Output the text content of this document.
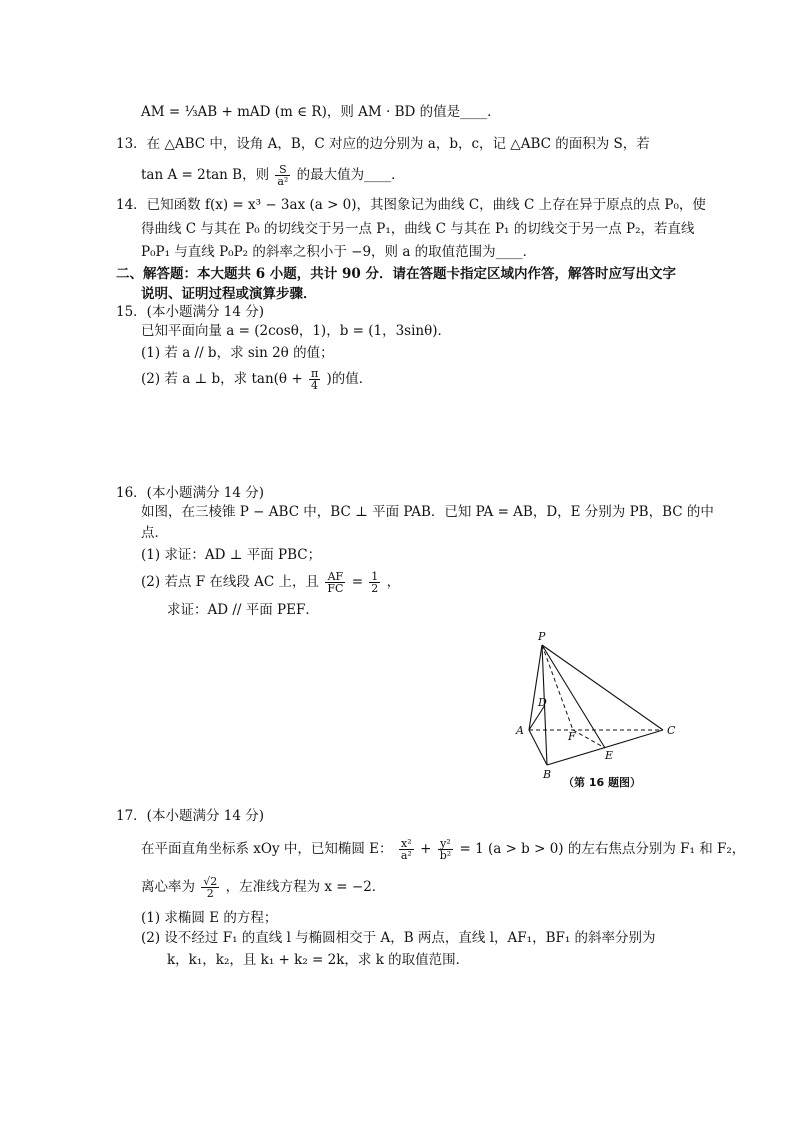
AM = ⅓AB + mAD (m ∈ R)，则 AM · BD 的值是____．
13．在 △ABC 中，设角 A，B，C 对应的边分别为 a，b，c，记 △ABC 的面积为 S，若
tan A = 2tan B，则 $\frac{S}{\text{a²}}$ 的最大值为____．
14．已知函数 f(x) = x³ − 3ax (a > 0)，其图象记为曲线 C，曲线 C 上存在异于原点的点 P₀，使
得曲线 C 与其在 P₀ 的切线交于另一点 P₁，曲线 C 与其在 P₁ 的切线交于另一点 P₂，若直线
P₀P₁ 与直线 P₀P₂ 的斜率之积小于 −9，则 a 的取值范围为____．
二、解答题：本大题共 6 小题，共计 90 分．请在答题卡指定区域内作答，解答时应写出文字
说明、证明过程或演算步骤．
15．(本小题满分 14 分)
已知平面向量 a = (2cosθ，1)，b = (1，3sinθ)．
(1) 若 a // b，求 sin 2θ 的值；
(2) 若 a ⊥ b，求 $\tan(\theta + \frac{\pi}{4}$ )的值．
16．(本小题满分 14 分)
如图，在三棱锥 P − ABC 中，BC ⊥ 平面 PAB．已知 PA = AB，D，E 分别为 PB，BC 的中
点．
(1) 求证：AD ⊥ 平面 PBC；
(2) 若点 F 在线段 AC 上，且 $\frac{AF}{FC} = \frac{1}{2}$ ，
求证：AD // 平面 PEF．
P
A
B
C
D
E
F
（第 16 题图）
17．(本小题满分 14 分)
在平面直角坐标系 xOy 中，已知椭圆 E： $\frac{\text{x²}}{\text{a²}} + \frac{\text{y²}}{\text{b²}} = 1$ (a > b > 0) 的左右焦点分别为 F₁ 和 F₂，
离心率为 $\frac{√2}{2}$ ，左准线方程为 x = −2．
(1) 求椭圆 E 的方程；
(2) 设不经过 F₁ 的直线 l 与椭圆相交于 A，B 两点，直线 l，AF₁，BF₁ 的斜率分别为
k，k₁，k₂，且 k₁ + k₂ = 2k，求 k 的取值范围．
